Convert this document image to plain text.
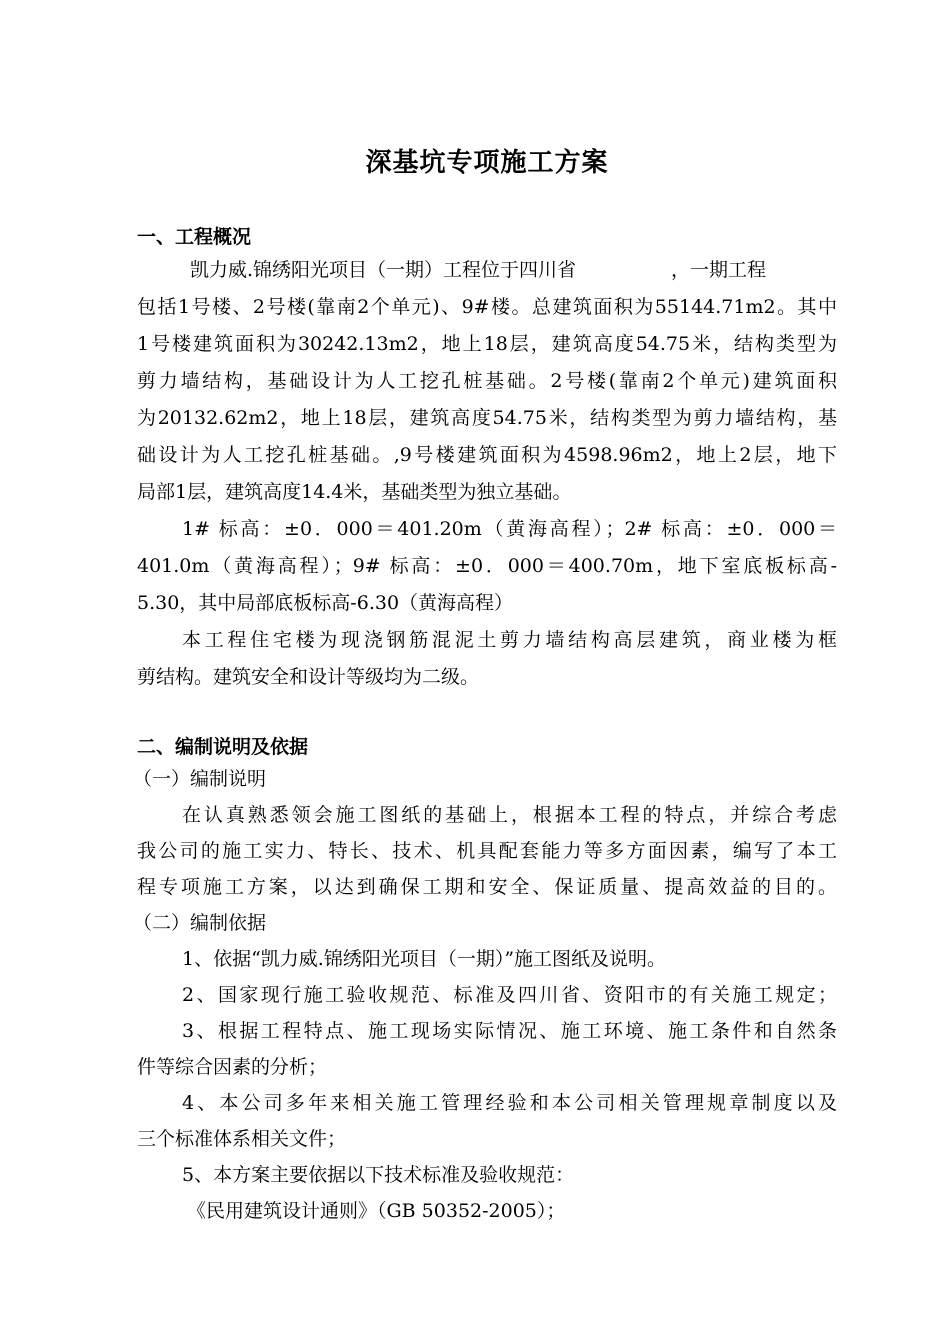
深基坑专项施工方案
一、工程概况
凯力威.锦绣阳光项目（一期）工程位于四川省　　　　　，一期工程
包括1号楼、2号楼(靠南2个单元)、9#楼。总建筑面积为55144.71m2。其中
1号楼建筑面积为30242.13m2，地上18层，建筑高度54.75米，结构类型为
剪力墙结构，基础设计为人工挖孔桩基础。2号楼(靠南2个单元)建筑面积
为20132.62m2，地上18层，建筑高度54.75米，结构类型为剪力墙结构，基
础设计为人工挖孔桩基础。,9号楼建筑面积为4598.96m2，地上2层，地下
局部1层，建筑高度14.4米，基础类型为独立基础。
1# 标高：±0．000＝401.20m（黄海高程）；2# 标高：±0．000＝
401.0m（黄海高程）；9# 标高：±0．000＝400.70m，地下室底板标高-
5.30，其中局部底板标高-6.30（黄海高程）
本工程住宅楼为现浇钢筋混泥土剪力墙结构高层建筑，商业楼为框
剪结构。建筑安全和设计等级均为二级。
二、编制说明及依据
（一）编制说明
在认真熟悉领会施工图纸的基础上，根据本工程的特点，并综合考虑
我公司的施工实力、特长、技术、机具配套能力等多方面因素，编写了本工
程专项施工方案，以达到确保工期和安全、保证质量、提高效益的目的。
（二）编制依据
1、依据“凯力威.锦绣阳光项目（一期）”施工图纸及说明。
2、国家现行施工验收规范、标准及四川省、资阳市的有关施工规定；
3、根据工程特点、施工现场实际情况、施工环境、施工条件和自然条
件等综合因素的分析；
4、本公司多年来相关施工管理经验和本公司相关管理规章制度以及
三个标准体系相关文件；
5、本方案主要依据以下技术标准及验收规范：
《民用建筑设计通则》（GB 50352-2005）；
